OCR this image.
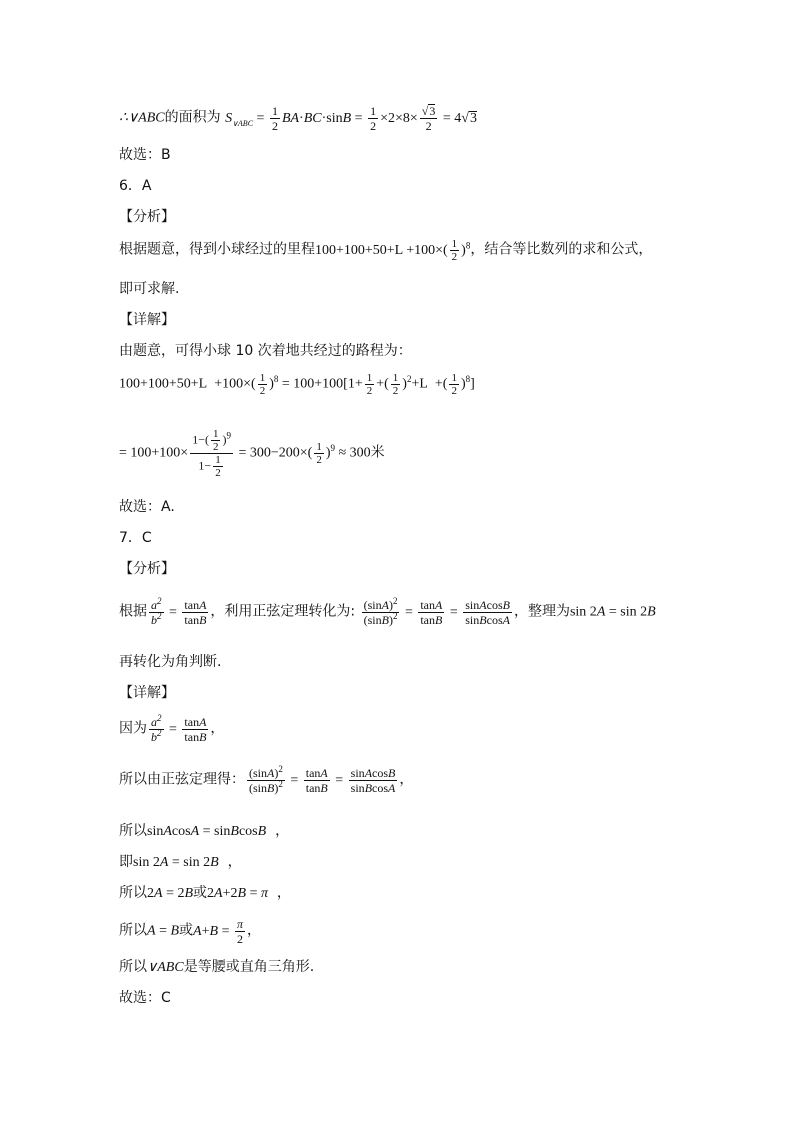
∴∨ABC的面积为 $S_{\vee ABC} = \frac{1}{2} BA\cdot BC\cdot\sin B = \frac{1}{2} \times 2\times 8\times \frac{√3}{2} = 4√3$
故选：B
6．A
【分析】
根据题意，得到小球经过的里程$100+100+50+L +100\times( \frac{1}{2} )^8$，结合等比数列的求和公式，
即可求解.
【详解】
由题意，可得小球 10 次着地共经过的路程为：
$100+100+50+L +100\times( \frac{1}{2} )^8 = 100+100[1+ \frac{1}{2}$ +( $\frac{1}{2} )^2+L$  +( $\frac{1}{2} )^8$]
= $100+100\times \frac{1-( \frac{1}{2} )^9}{1- \frac{1}{2}} = 300-200\times( \frac{1}{2} )^9 \approx 300$米
故选：A.
7．C
【分析】
根据 $\frac{a^2}{b^2} = \frac{\tan A}{\tan B}$ ，利用正弦定理转化为: $\frac{(\sin A)^2}{(\sin B)^2} = \frac{\tan A}{\tan B} = \frac{\text{sinAcosB}}{\text{sinBcosA}}$ ，整理为sin 2A = sin 2B
再转化为角判断.
【详解】
因为 $\frac{a^2}{b^2} = \frac{\tan A}{\tan B}$ ，
所以由正弦定理得： $\frac{(\sin A)^2}{(\sin B)^2} = \frac{\tan A}{\tan B} = \frac{\text{sinAcosB}}{\text{sinBcosA}}$ ，
所以sinAcosA = sinBcosB ，
即sin 2A = sin 2B ，
所以2A = 2B或2A+2B = π ，
所以A = B或$A+B = \frac{\pi}{2}$ ，
所以∨ABC是等腰或直角三角形.
故选：C
